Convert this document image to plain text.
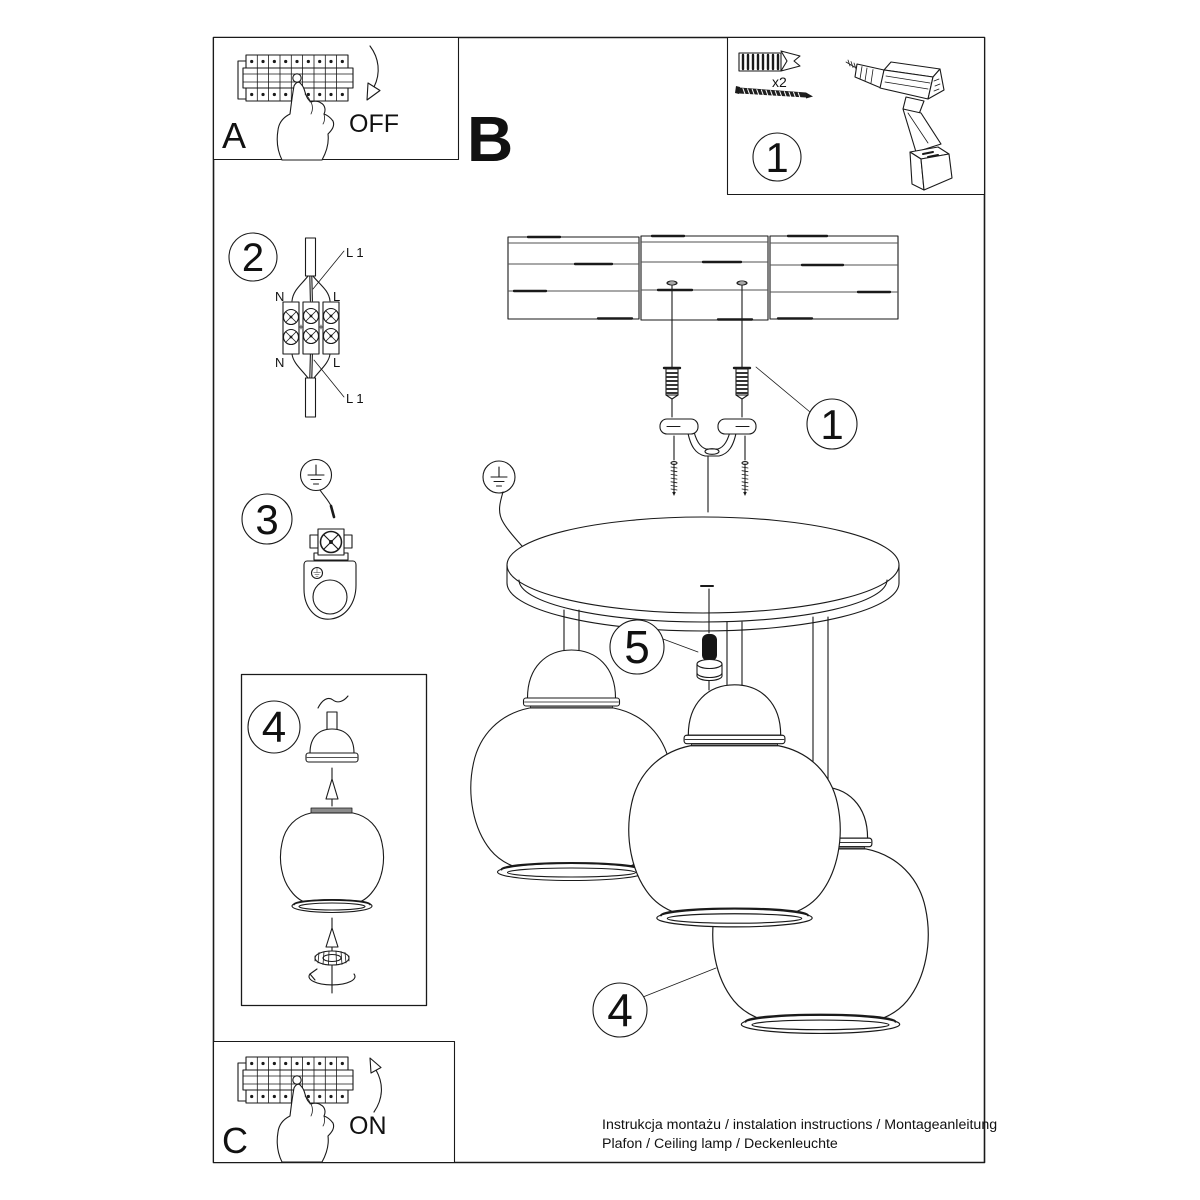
A	OFF B
x2
1
2
N	L
N	L
L 1
L 1
3
4
C	ON
1
5
4
Instrukcja montażu / instalation instructions / Montageanleitung
Plafon / Ceiling lamp / Deckenleuchte
